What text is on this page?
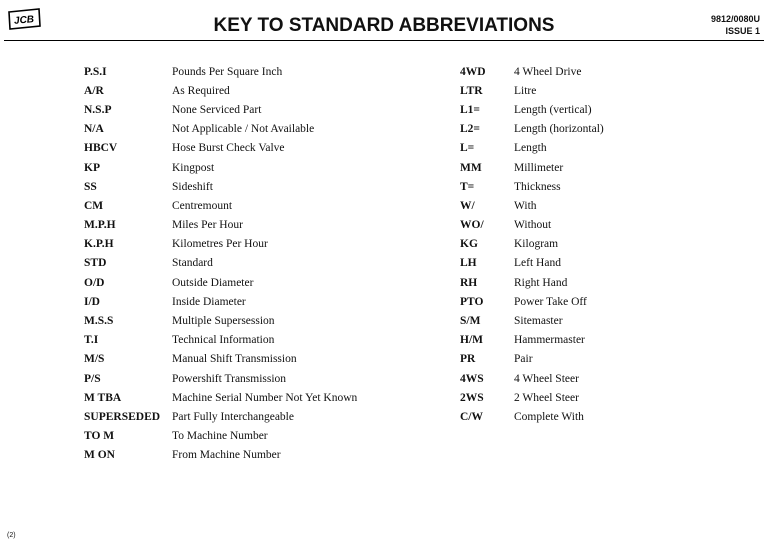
JCB	KEY TO STANDARD ABBREVIATIONS	9812/0080U
ISSUE 1
P.S.I	Pounds Per Square Inch
A/R	As Required
N.S.P	None Serviced Part
N/A	Not Applicable / Not Available
HBCV	Hose Burst Check Valve
KP	Kingpost
SS	Sideshift
CM	Centremount
M.P.H	Miles Per Hour
K.P.H	Kilometres Per Hour
STD	Standard
O/D	Outside Diameter
I/D	Inside Diameter
M.S.S	Multiple Supersession
T.I	Technical Information
M/S	Manual Shift Transmission
P/S	Powershift Transmission
M TBA	Machine Serial Number Not Yet Known
SUPERSEDED	Part Fully Interchangeable
TO M	To Machine Number
M ON	From Machine Number
4WD	4 Wheel Drive
LTR	Litre
L1=	Length (vertical)
L2=	Length (horizontal)
L=	Length
MM	Millimeter
T=	Thickness
W/	With
WO/	Without
KG	Kilogram
LH	Left Hand
RH	Right Hand
PTO	Power Take Off
S/M	Sitemaster
H/M	Hammermaster
PR	Pair
4WS	4 Wheel Steer
2WS	2 Wheel Steer
C/W	Complete With
(2)
